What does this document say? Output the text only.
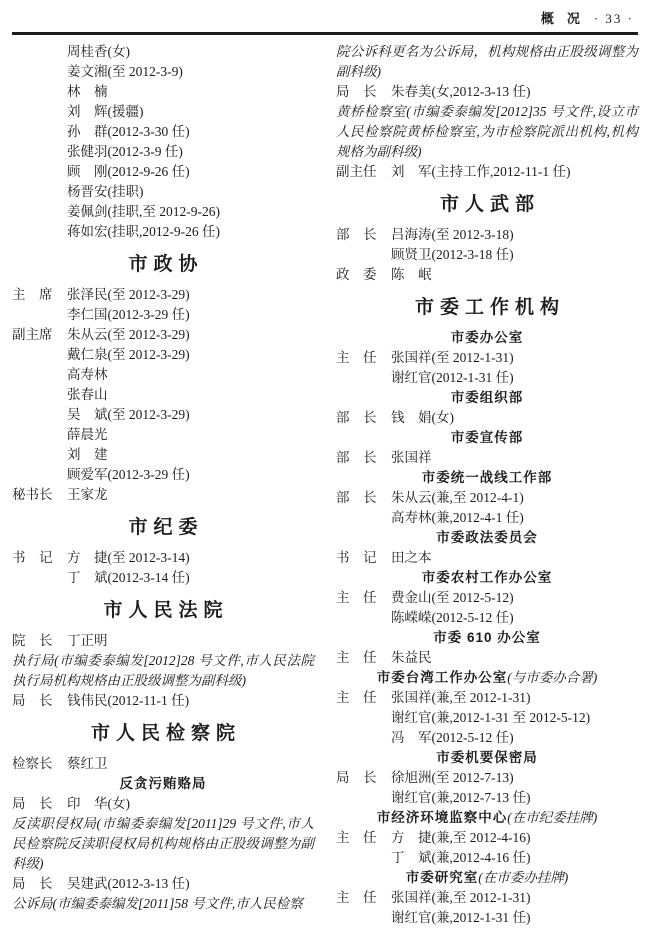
概　况 · 33 ·
周桂香(女)
姜文湘(至 2012-3-9)
林　楠
刘　辉(援疆)
孙　群(2012-3-30 任)
张健羽(2012-3-9 任)
顾　刚(2012-9-26 任)
杨晋安(挂职)
姜佩剑(挂职,至 2012-9-26)
蒋如宏(挂职,2012-9-26 任)
市政协
主　席	张泽民(至 2012-3-29)
李仁国(2012-3-29 任)
副主席	朱从云(至 2012-3-29)
戴仁泉(至 2012-3-29)
高寿林
张春山
吴　斌(至 2012-3-29)
薛晨光
刘　建
顾爱军(2012-3-29 任)
秘书长	王家龙
市纪委
书　记	方　捷(至 2012-3-14)
丁　斌(2012-3-14 任)
市人民法院
院　长	丁正明
执行局(市编委泰编发[2012]28 号文件,市人民法院执行局机构规格由正股级调整为副科级)
局　长	钱伟民(2012-11-1 任)
市人民检察院
检察长	蔡红卫
反贪污贿赂局
局　长	印　华(女)
反渎职侵权局(市编委泰编发[2011]29 号文件,市人民检察院反渎职侵权局机构规格由正股级调整为副科级)
局　长	吴建武(2012-3-13 任)
公诉局(市编委泰编发[2011]58 号文件,市人民检察
院公诉科更名为公诉局，机构规格由正股级调整为副科级)
局　长	朱春美(女,2012-3-13 任)
黄桥检察室(市编委泰编发[2012]35 号文件,设立市人民检察院黄桥检察室,为市检察院派出机构,机构规格为副科级)
副主任	刘　军(主持工作,2012-11-1 任)
市人武部
部　长	吕海涛(至 2012-3-18)
顾贤卫(2012-3-18 任)
政　委	陈　岷
市委工作机构
市委办公室
主　任	张国祥(至 2012-1-31)
谢红官(2012-1-31 任)
市委组织部
部　长	钱　娟(女)
市委宣传部
部　长	张国祥
市委统一战线工作部
部　长	朱从云(兼,至 2012-4-1)
高寿林(兼,2012-4-1 任)
市委政法委员会
书　记	田之本
市委农村工作办公室
主　任	费金山(至 2012-5-12)
陈嵘嵘(2012-5-12 任)
市委 610 办公室
主　任	朱益民
市委台湾工作办公室(与市委办合署)
主　任	张国祥(兼,至 2012-1-31)
谢红官(兼,2012-1-31 至 2012-5-12)
冯　军(2012-5-12 任)
市委机要保密局
局　长	徐旭洲(至 2012-7-13)
谢红官(兼,2012-7-13 任)
市经济环境监察中心(在市纪委挂牌)
主　任	方　捷(兼,至 2012-4-16)
丁　斌(兼,2012-4-16 任)
市委研究室(在市委办挂牌)
主　任	张国祥(兼,至 2012-1-31)
谢红官(兼,2012-1-31 任)
